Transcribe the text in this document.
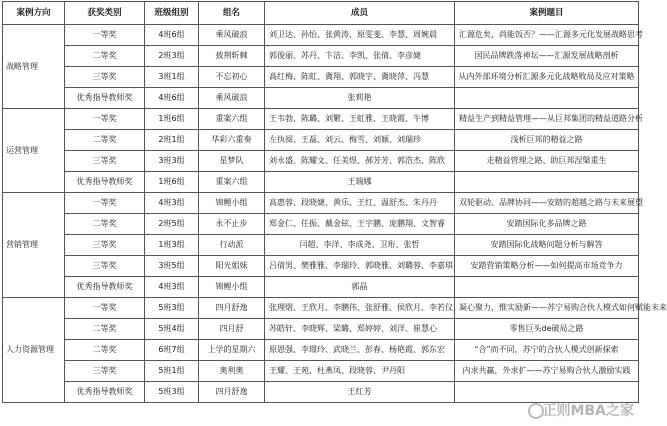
案例方向	获奖类别	班级组别	组名	成员	案例题目
战略管理	一等奖	4班6组	乘风破浪	刘卫达、孙怡、张黄涛、原雯斐、李慧、周婉晨	汇源危矣，尚能饭否？——汇源多元化发展战略思考
	二等奖	2班3组	披荆斩棘	郭俊丽、苏丹、卞洁、李凯、张倩、李彦婕	国民品牌跌落神坛——汇源发展战略剖析
	三等奖	3班1组	不忘初心	高红梅、陈虹、冀翔、郭晓宇、冀晓萍、冯慧	从内外部环境分析汇源多元化战略败局及应对策略
	优秀指导教师奖	4班6组	乘风破浪	张莉艳	
运营管理	一等奖	1班6组	重案六组	王韦勃、陈璐、刘繁、王虹雅、王晓霞、牛博	精益生产到精益管理——从巨邦集团的精益道路分析
	二等奖	2班1组	华彩六重奏	左执阅、王磊、刘云、梅雪、刘颖、刘瑞珍	浅析巨邦的精益之路
	三等奖	3班3组	星梦队	刘永盛、陈耀文、任美煜、郝芳芳、郭浩杰、陈欣	走精益管理之路、助巨邦涅槃重生
	优秀指导教师奖	1班6组	重案六组	王瑞娜	
营销管理	一等奖	4班3组	锦鲤小组	高惠蓉、段晓婕、黄乐、王红、温舒杰、朱丹丹	双轮驱动、品牌协同——安踏的超越之路与未来展望
	二等奖	2班5组	永不止步	郑金仁、任振、戴金铉、王宇鹏、庞鹏翔、文智睿	安踏国际化多品牌之路
	三等奖	1班3组	行动派	闫超、李洋、李成尧、卫珩、张哲	安踏国际化战略问题分析与解答
	三等奖	3班5组	阳光姐妹	吕倩男、樊雅雅、李瑞玲、郭晓雅、刘璐蓉、李嘉琪	安踏营销策略分析——如何提高市场竞争力
	优秀指导教师奖	4班3组	锦鲤小组	郭晶	
人力资源管理	一等奖	5班3组	四月舒逸	张理熠、王欣月、李鹏伟、张舒雅、侯欣月、李若仪	凝心聚力，惟实励新——苏宁易购合伙人模式如何赋能未来
	二等奖	5班4组	四月舒	苏皓轩、李晓辉、梁璐、郑婷婷、刘洋、崔慧心	零售巨头de破局之路
	二等奖	6班7组	上学的星期六	原恩强、李璟玲、武晓兰、彭春、杨艳霞、郭东宏	“合”而不同，苏宁的合伙人模式创新探索
	三等奖	5班1组	奥利奥	王耀、王苑、杜燕凤、段晓蓉、尹丹阳	内求共赢，外求扩——苏宁易购合伙人激励实践
	优秀指导教师奖	5班3组	四月舒逸	王红芳	
正则MBA之家
